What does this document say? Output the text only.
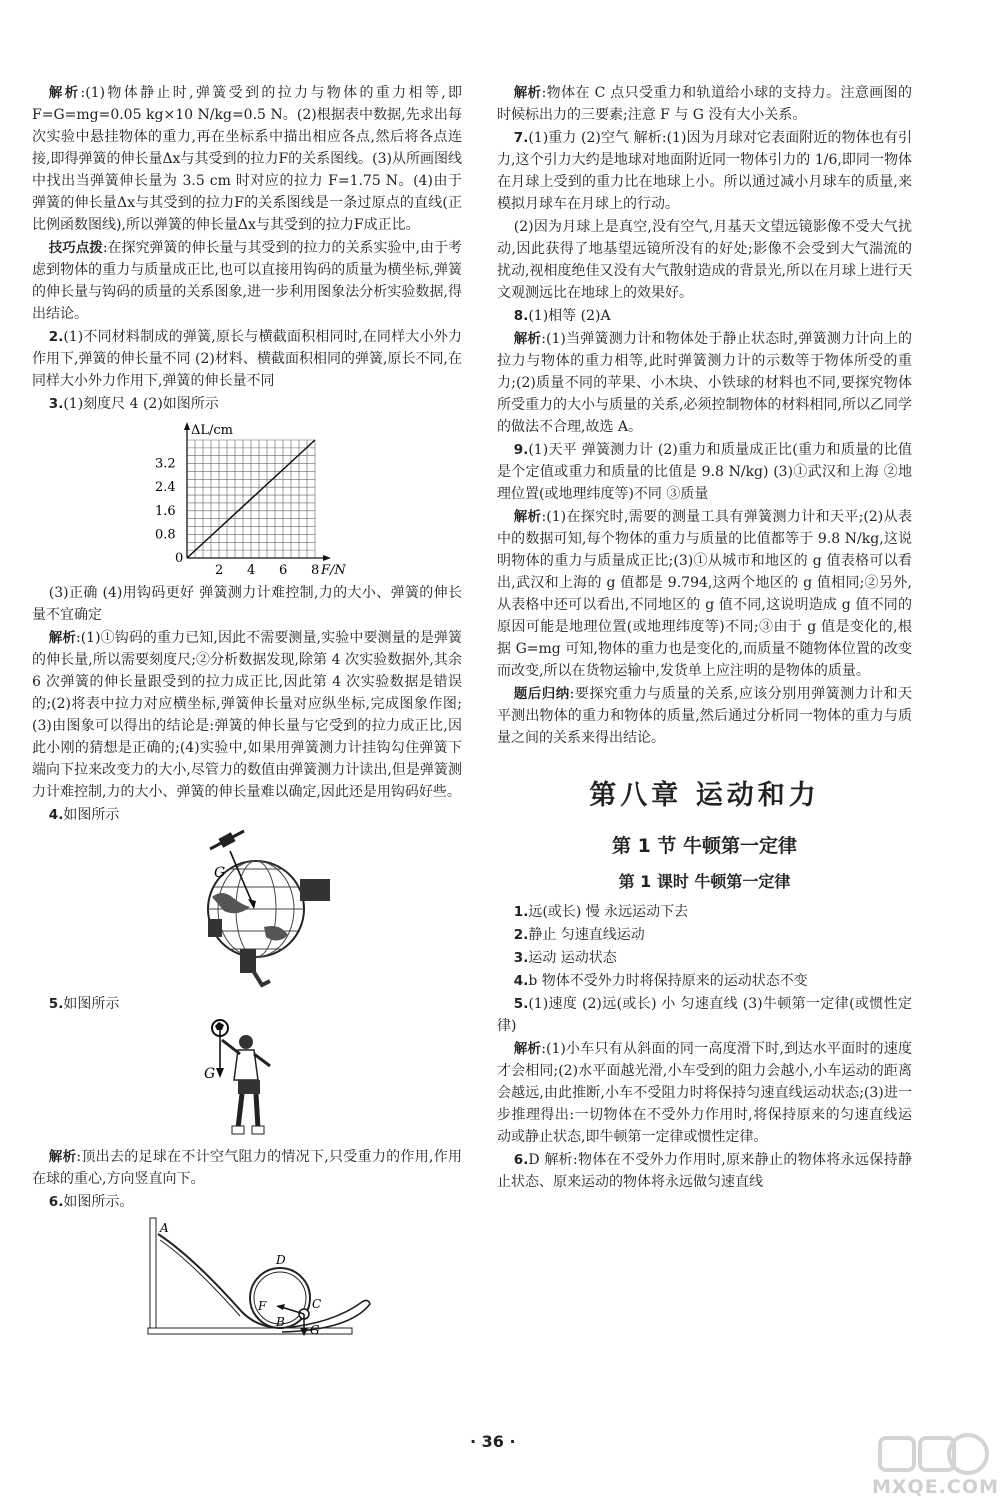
解析:(1)物体静止时,弹簧受到的拉力与物体的重力相等,即 F=G=mg=0.05 kg×10 N/kg=0.5 N。(2)根据表中数据,先求出每次实验中悬挂物体的重力,再在坐标系中描出相应各点,然后将各点连接,即得弹簧的伸长量Δx与其受到的拉力F的关系图线。(3)从所画图线中找出当弹簧伸长量为 3.5 cm 时对应的拉力 F=1.75 N。(4)由于弹簧的伸长量Δx与其受到的拉力F的关系图线是一条过原点的直线(正比例函数图线),所以弹簧的伸长量Δx与其受到的拉力F成正比。

技巧点拨:在探究弹簧的伸长量与其受到的拉力的关系实验中,由于考虑到物体的重力与质量成正比,也可以直接用钩码的质量为横坐标,弹簧的伸长量与钩码的质量的关系图象,进一步利用图象法分析实验数据,得出结论。

2.(1)不同材料制成的弹簧,原长与横截面积相同时,在同样大小外力作用下,弹簧的伸长量不同 (2)材料、横截面积相同的弹簧,原长不同,在同样大小外力作用下,弹簧的伸长量不同

3.(1)刻度尺 4 (2)如图所示

F/N
ΔL/cm
2 4 6 8
0
0.8
1.6
2.4
3.2

(3)正确 (4)用钩码更好 弹簧测力计难控制,力的大小、弹簧的伸长量不宜确定

解析:(1)①钩码的重力已知,因此不需要测量,实验中要测量的是弹簧的伸长量,所以需要刻度尺;②分析数据发现,除第 4 次实验数据外,其余 6 次弹簧的伸长量跟受到的拉力成正比,因此第 4 次实验数据是错误的;(2)将表中拉力对应横坐标,弹簧伸长量对应纵坐标,完成图象作图;(3)由图象可以得出的结论是:弹簧的伸长量与它受到的拉力成正比,因此小刚的猜想是正确的;(4)实验中,如果用弹簧测力计挂钩勾住弹簧下端向下拉来改变力的大小,尽管力的数值由弹簧测力计读出,但是弹簧测力计难控制,力的大小、弹簧的伸长量难以确定,因此还是用钩码好些。

4.如图所示

G

5.如图所示

G

解析:顶出去的足球在不计空气阻力的情况下,只受重力的作用,作用在球的重心,方向竖直向下。

6.如图所示。

A
D
F	C
B
G

解析:物体在 C 点只受重力和轨道给小球的支持力。注意画图的时候标出力的三要素;注意 F 与 G 没有大小关系。

7.(1)重力 (2)空气 解析:(1)因为月球对它表面附近的物体也有引力,这个引力大约是地球对地面附近同一物体引力的 1/6,即同一物体在月球上受到的重力比在地球上小。所以通过减小月球车的质量,来模拟月球车在月球上的行动。

(2)因为月球上是真空,没有空气,月基天文望远镜影像不受大气扰动,因此获得了地基望远镜所没有的好处;影像不会受到大气湍流的扰动,视相度绝佳又没有大气散射造成的背景光,所以在月球上进行天文观测远比在地球上的效果好。

8.(1)相等 (2)A

解析:(1)当弹簧测力计和物体处于静止状态时,弹簧测力计向上的拉力与物体的重力相等,此时弹簧测力计的示数等于物体所受的重力;(2)质量不同的苹果、小木块、小铁球的材料也不同,要探究物体所受重力的大小与质量的关系,必须控制物体的材料相同,所以乙同学的做法不合理,故选 A。

9.(1)天平 弹簧测力计 (2)重力和质量成正比(重力和质量的比值是个定值或重力和质量的比值是 9.8 N/kg) (3)①武汉和上海 ②地理位置(或地理纬度等)不同 ③质量

解析:(1)在探究时,需要的测量工具有弹簧测力计和天平;(2)从表中的数据可知,每个物体的重力与质量的比值都等于 9.8 N/kg,这说明物体的重力与质量成正比;(3)①从城市和地区的 g 值表格可以看出,武汉和上海的 g 值都是 9.794,这两个地区的 g 值相同;②另外,从表格中还可以看出,不同地区的 g 值不同,这说明造成 g 值不同的原因可能是地理位置(或地理纬度等)不同;③由于 g 值是变化的,根据 G=mg 可知,物体的重力也是变化的,而质量不随物体位置的改变而改变,所以在货物运输中,发货单上应注明的是物体的质量。

题后归纳:要探究重力与质量的关系,应该分别用弹簧测力计和天平测出物体的重力和物体的质量,然后通过分析同一物体的重力与质量之间的关系来得出结论。

第八章 运动和力
第 1 节 牛顿第一定律
第 1 课时 牛顿第一定律

1.远(或长) 慢 永远运动下去

2.静止 匀速直线运动

3.运动 运动状态

4.b 物体不受外力时将保持原来的运动状态不变

5.(1)速度 (2)远(或长) 小 匀速直线 (3)牛顿第一定律(或惯性定律)

解析:(1)小车只有从斜面的同一高度滑下时,到达水平面时的速度才会相同;(2)水平面越光滑,小车受到的阻力会越小,小车运动的距离会越远,由此推断,小车不受阻力时将保持匀速直线运动状态;(3)进一步推理得出:一切物体在不受外力作用时,将保持原来的匀速直线运动或静止状态,即牛顿第一定律或惯性定律。

6.D 解析:物体在不受外力作用时,原来静止的物体将永远保持静止状态、原来运动的物体将永远做匀速直线

· 36 ·
MXQE.COM
